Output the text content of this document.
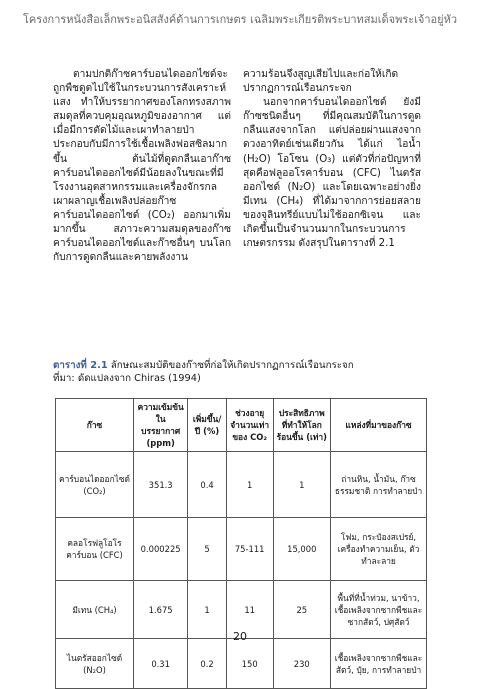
โครงการหนังสือเล็กพระอนิสสังค์ด้านการเกษตร เฉลิมพระเกียรติพระบาทสมเด็จพระเจ้าอยู่หัว

ตามปกติก๊าซคาร์บอนไดออกไซด์จะถูกพืชดูดไปใช้ในกระบวนการสังเคราะห์แสง ทำให้บรรยากาศของโลกทรงสภาพสมดุลที่ควบคุมอุณหภูมิของอากาศ แต่เมื่อมีการตัดไม้และเผาทำลายป่า ประกอบกับมีการใช้เชื้อเพลิงฟอสซิลมากขึ้น ต้นไม้ที่ดูดกลืนเอาก๊าซคาร์บอนไดออกไซด์มีน้อยลงในขณะที่มีโรงงานอุตสาหกรรมและเครื่องจักรกลเผาผลาญเชื้อเพลิงปล่อยก๊าซคาร์บอนไดออกไซด์ (CO₂) ออกมาเพิ่มมากขึ้น สภาวะความสมดุลของก๊าซคาร์บอนไดออกไซด์และก๊าซอื่นๆ บนโลกกับการดูดกลืนและคายพลังงาน

ความร้อนจึงสูญเสียไปและก่อให้เกิดปรากฏการณ์เรือนกระจก

นอกจากคาร์บอนไดออกไซด์ ยังมีก๊าซชนิดอื่นๆ ที่มีคุณสมบัติในการดูดกลืนแสงจากโลก แต่ปล่อยผ่านแสงจากดวงอาทิตย์เช่นเดียวกัน ได้แก่ ไอน้ำ (H₂O) โอโซน (O₃) แต่ตัวที่ก่อปัญหาที่สุดคือฟลูออโรคาร์บอน (CFC) ไนตรัสออกไซด์ (N₂O) และโดยเฉพาะอย่างยิ่งมีเทน (CH₄) ที่ได้มาจากการย่อยสลายของจุลินทรีย์แบบไม่ใช้ออกซิเจน และเกิดขึ้นเป็นจำนวนมากในกระบวนการเกษตรกรรม ดังสรุปในตารางที่ 2.1

ตารางที่ 2.1 ลักษณะสมบัติของก๊าซที่ก่อให้เกิดปรากฏการณ์เรือนกระจก
ที่มา: ดัดแปลงจาก Chiras (1994)
ก๊าซ	ความเข้มข้นในบรรยากาศ (ppm)	เพิ่มขึ้น/ปี (%)	ช่วงอายุจำนวนเท่าของ CO₂	ประสิทธิภาพที่ทำให้โลกร้อนขึ้น (เท่า)	แหล่งที่มาของก๊าซ
คาร์บอนไดออกไซด์ (CO₂)	351.3	0.4	1	1	ถ่านหิน, น้ำมัน, ก๊าซธรรมชาติ การทำลายป่า
คลอโรฟลูโอโรคาร์บอน (CFC)	0.000225	5	75-111	15,000	โฟม, กระป๋องสเปรย์, เครื่องทำความเย็น, ตัวทำละลาย
มีเทน (CH₄)	1.675	1	11	25	พื้นที่ที่น้ำท่วม, นาข้าว, เชื้อเพลิงจากซากพืชและซากสัตว์, ปศุสัตว์
ไนตรัสออกไซด์ (N₂O)	0.31	0.2	150	230	เชื้อเพลิงจากซากพืชและสัตว์, ปุ๋ย, การทำลายป่า
20
